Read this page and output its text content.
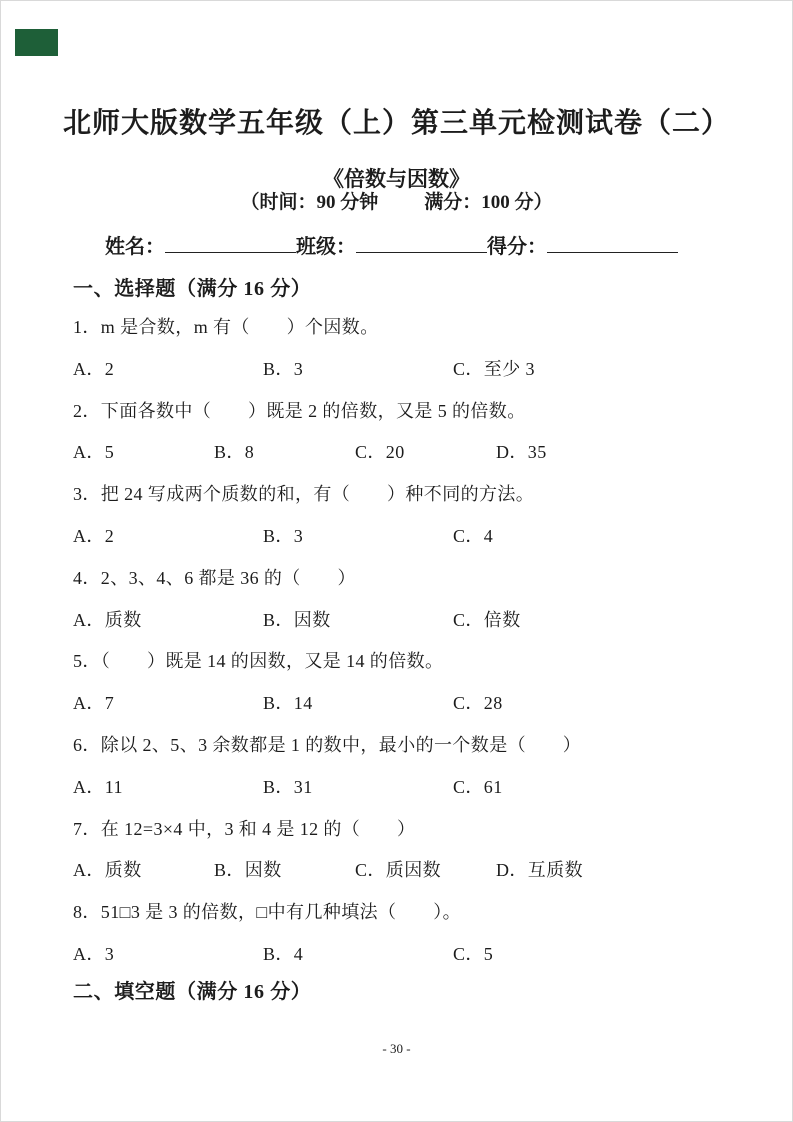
北师大版数学五年级（上）第三单元检测试卷（二）
《倍数与因数》
（时间：90 分钟 满分：100 分）
姓名：	班级：	得分：
一、选择题（满分 16 分）
1．m 是合数，m 有（　　）个因数。
A．2	B．3	C．至少 3
2．下面各数中（　　）既是 2 的倍数，又是 5 的倍数。
A．5	B．8	C．20	D．35
3．把 24 写成两个质数的和，有（　　）种不同的方法。
A．2	B．3	C．4
4．2、3、4、6 都是 36 的（　　）
A．质数	B．因数	C．倍数
5．（　　）既是 14 的因数，又是 14 的倍数。
A．7	B．14	C．28
6．除以 2、5、3 余数都是 1 的数中，最小的一个数是（　　）
A．11	B．31	C．61
7．在 12=3×4 中，3 和 4 是 12 的（　　）
A．质数	B．因数	C．质因数	D．互质数
8．51□3 是 3 的倍数，□中有几种填法（　　）。
A．3	B．4	C．5
二、填空题（满分 16 分）
- 30 -
